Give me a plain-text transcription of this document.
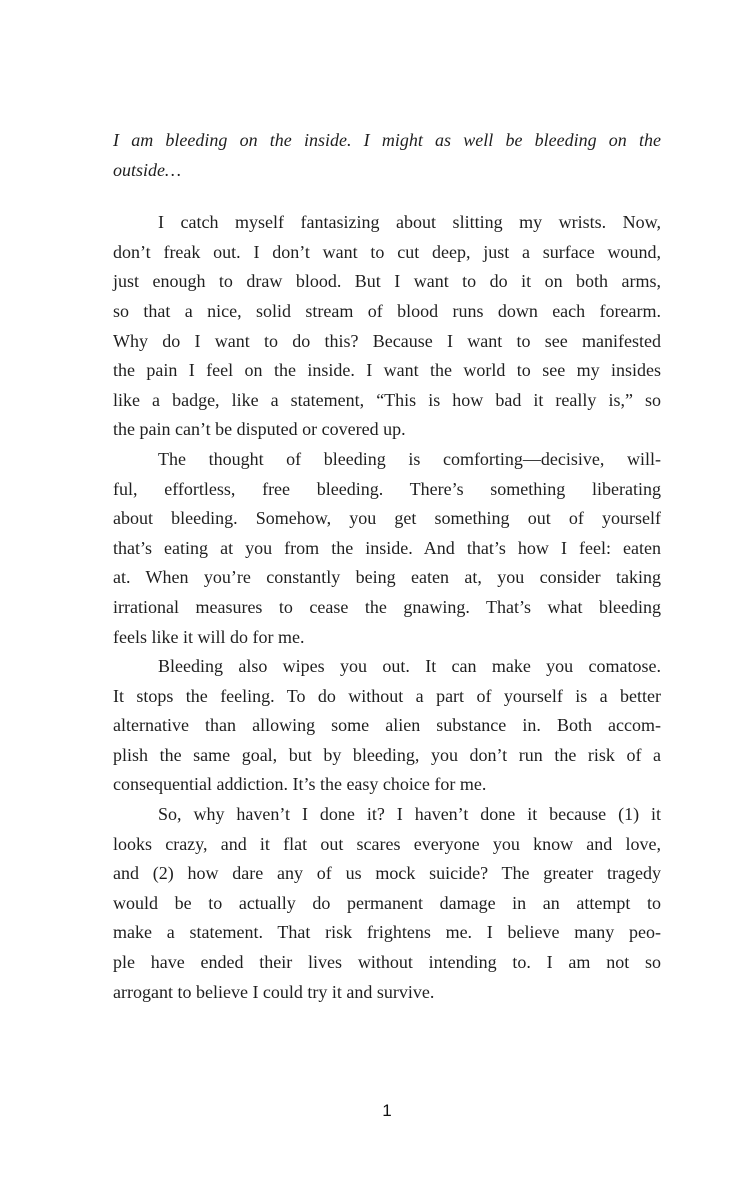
I am bleeding on the inside. I might as well be bleeding on the
outside…
I catch myself fantasizing about slitting my wrists. Now,
don’t freak out. I don’t want to cut deep, just a surface wound,
just enough to draw blood. But I want to do it on both arms,
so that a nice, solid stream of blood runs down each forearm.
Why do I want to do this? Because I want to see manifested
the pain I feel on the inside. I want the world to see my insides
like a badge, like a statement, “This is how bad it really is,” so
the pain can’t be disputed or covered up.
The thought of bleeding is comforting—decisive, will-
ful, effortless, free bleeding. There’s something liberating
about bleeding. Somehow, you get something out of yourself
that’s eating at you from the inside. And that’s how I feel: eaten
at. When you’re constantly being eaten at, you consider taking
irrational measures to cease the gnawing. That’s what bleeding
feels like it will do for me.
Bleeding also wipes you out. It can make you comatose.
It stops the feeling. To do without a part of yourself is a better
alternative than allowing some alien substance in. Both accom-
plish the same goal, but by bleeding, you don’t run the risk of a
consequential addiction. It’s the easy choice for me.
So, why haven’t I done it? I haven’t done it because (1) it
looks crazy, and it flat out scares everyone you know and love,
and (2) how dare any of us mock suicide? The greater tragedy
would be to actually do permanent damage in an attempt to
make a statement. That risk frightens me. I believe many peo-
ple have ended their lives without intending to. I am not so
arrogant to believe I could try it and survive.
1
